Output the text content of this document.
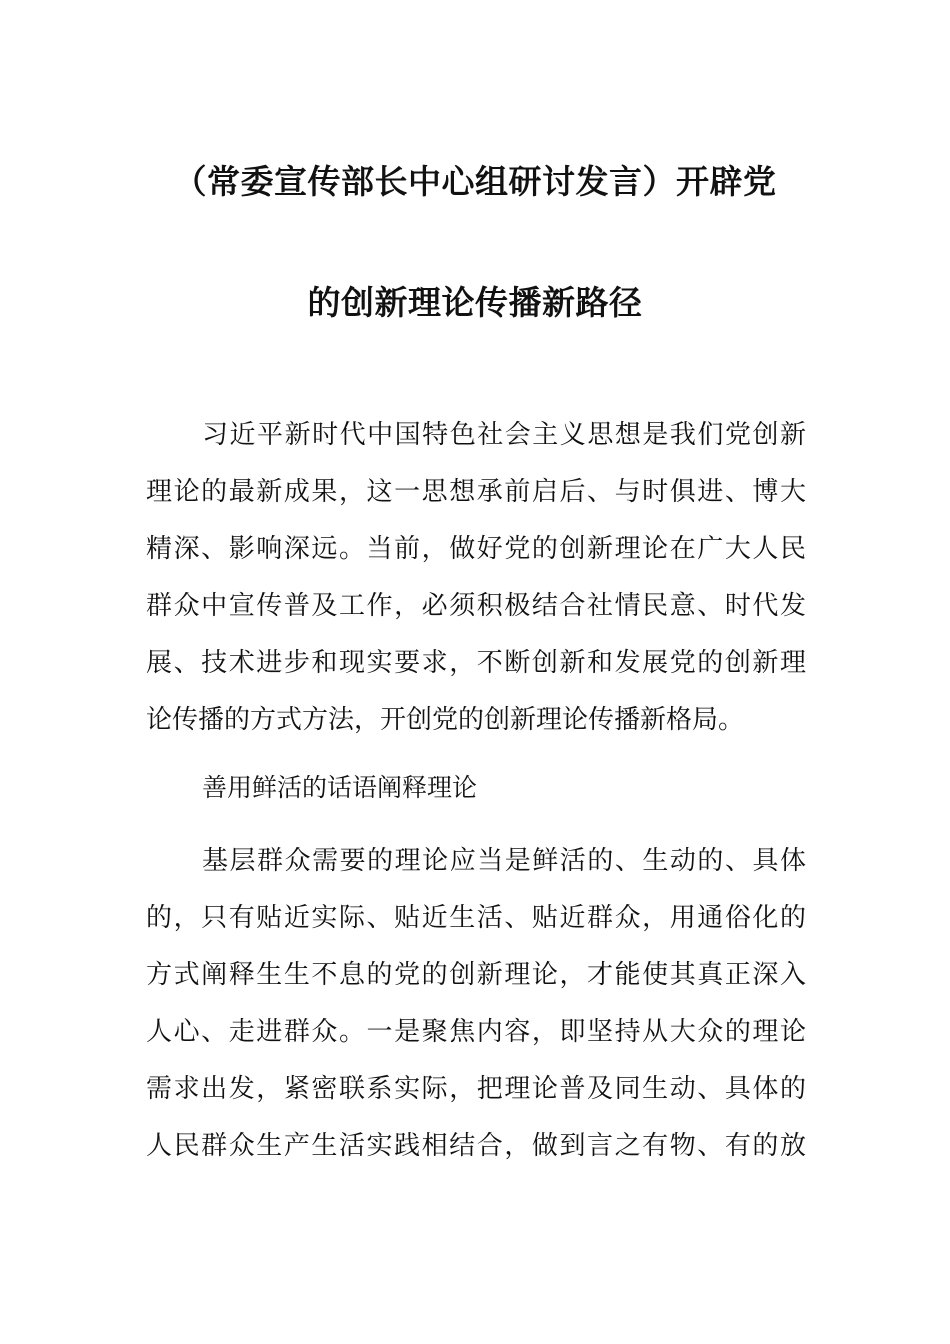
（常委宣传部长中心组研讨发言）开辟党
的创新理论传播新路径
习近平新时代中国特色社会主义思想是我们党创新
理论的最新成果，这一思想承前启后、与时俱进、博大
精深、影响深远。当前，做好党的创新理论在广大人民
群众中宣传普及工作，必须积极结合社情民意、时代发
展、技术进步和现实要求，不断创新和发展党的创新理
论传播的方式方法，开创党的创新理论传播新格局。
善用鲜活的话语阐释理论
基层群众需要的理论应当是鲜活的、生动的、具体
的，只有贴近实际、贴近生活、贴近群众，用通俗化的
方式阐释生生不息的党的创新理论，才能使其真正深入
人心、走进群众。一是聚焦内容，即坚持从大众的理论
需求出发，紧密联系实际，把理论普及同生动、具体的
人民群众生产生活实践相结合，做到言之有物、有的放
